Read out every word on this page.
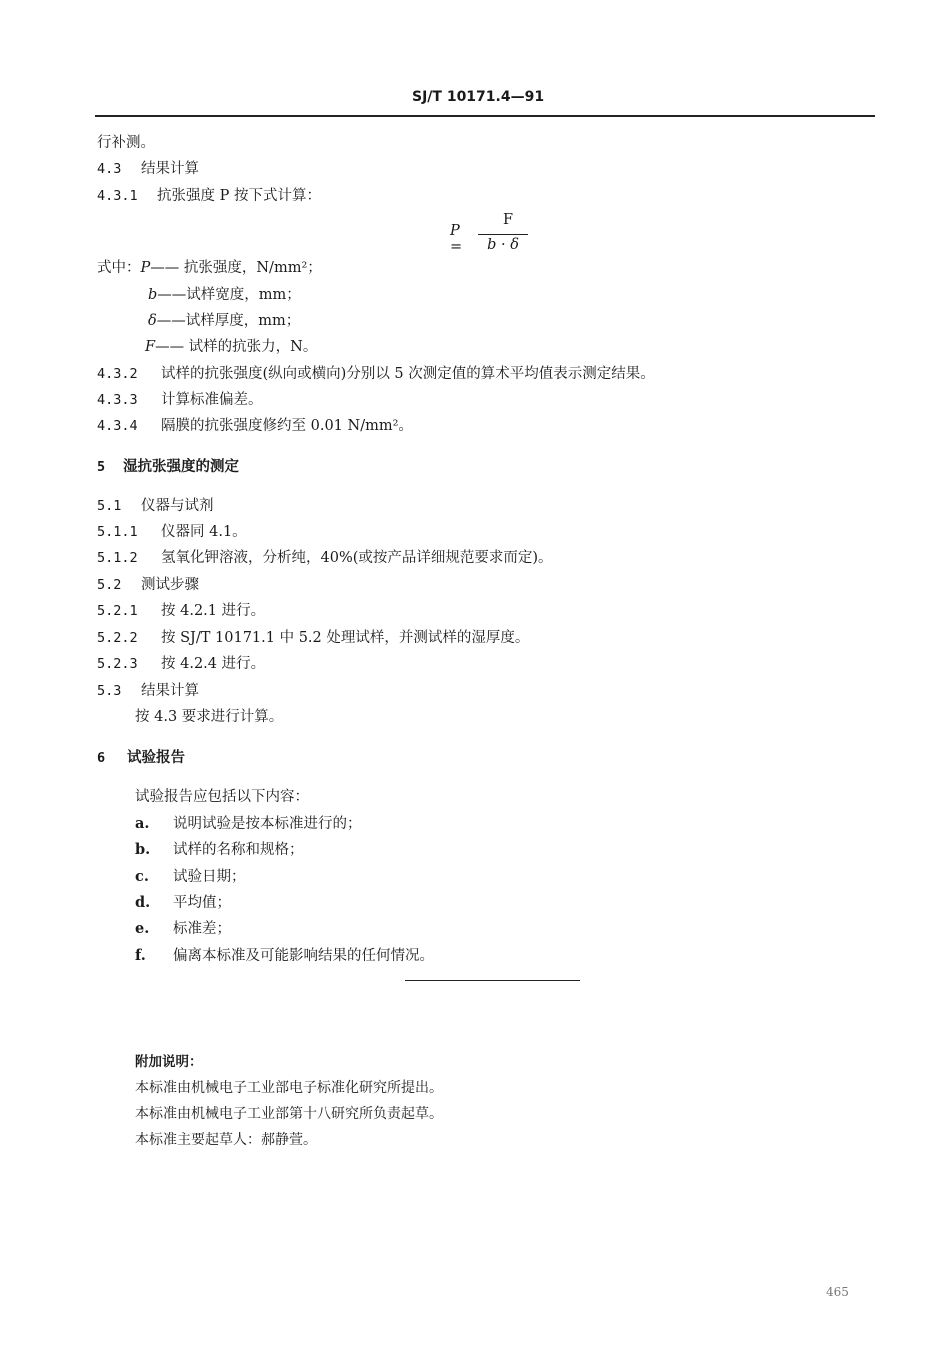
SJ/T 10171.4—91
行补测。
4.3 结果计算
4.3.1 抗张强度 P 按下式计算：
P =
F
b · δ
式中：P—— 抗张强度，N/mm²；
b——试样宽度，mm；
δ——试样厚度，mm；
F—— 试样的抗张力，N。
4.3.2 试样的抗张强度(纵向或横向)分别以 5 次测定值的算术平均值表示测定结果。
4.3.3 计算标准偏差。
4.3.4 隔膜的抗张强度修约至 0.01 N/mm²。
5 湿抗张强度的测定
5.1 仪器与试剂
5.1.1 仪器同 4.1。
5.1.2 氢氧化钾溶液，分析纯，40%(或按产品详细规范要求而定)。
5.2 测试步骤
5.2.1 按 4.2.1 进行。
5.2.2 按 SJ/T 10171.1 中 5.2 处理试样，并测试样的湿厚度。
5.2.3 按 4.2.4 进行。
5.3 结果计算
按 4.3 要求进行计算。
6 试验报告
试验报告应包括以下内容：
a. 说明试验是按本标准进行的；
b. 试样的名称和规格；
c. 试验日期；
d. 平均值；
e. 标准差；
f. 偏离本标准及可能影响结果的任何情况。
附加说明：
本标准由机械电子工业部电子标准化研究所提出。
本标准由机械电子工业部第十八研究所负责起草。
本标准主要起草人：郝静萱。
465
